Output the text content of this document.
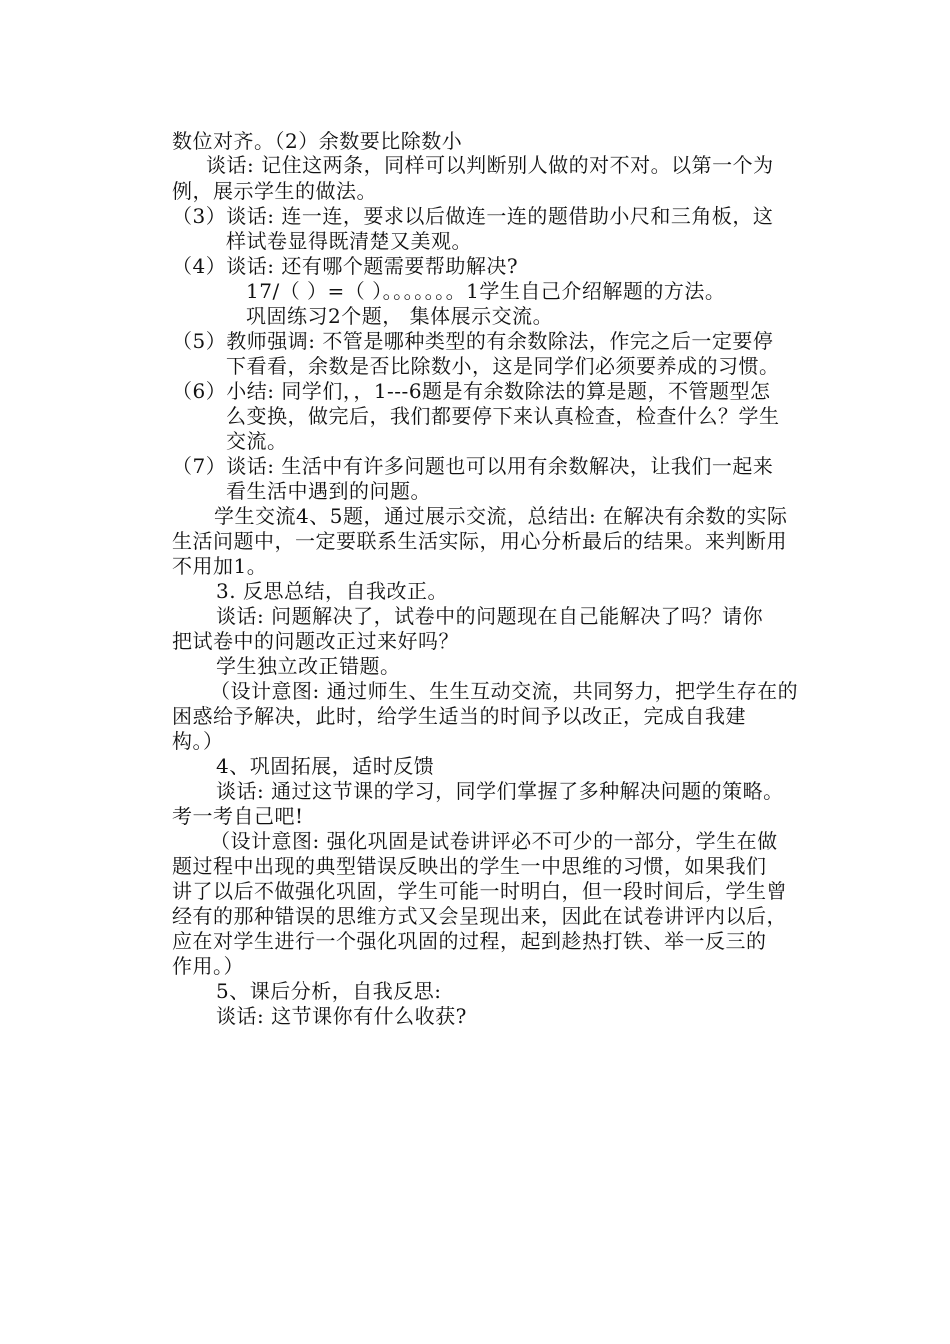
数位对齐。（2）余数要比除数小
谈话: 记住这两条，同样可以判断别人做的对不对。以第一个为
例，展示学生的做法。
（3）谈话: 连一连，要求以后做连一连的题借助小尺和三角板，这
样试卷显得既清楚又美观。
（4）谈话: 还有哪个题需要帮助解决?
17/（ ）=（ ）。。。。。。。1学生自己介绍解题的方法。
巩固练习2个题， 集体展示交流。
（5）教师强调: 不管是哪种类型的有余数除法，作完之后一定要停
下看看，余数是否比除数小，这是同学们必须要养成的习惯。
（6）小结: 同学们，，1---6题是有余数除法的算是题，不管题型怎
么变换，做完后，我们都要停下来认真检查，检查什么？学生
交流。
（7）谈话: 生活中有许多问题也可以用有余数解决，让我们一起来
看生活中遇到的问题。
学生交流4、5题，通过展示交流，总结出: 在解决有余数的实际
生活问题中，一定要联系生活实际，用心分析最后的结果。来判断用
不用加1。
3. 反思总结，自我改正。
谈话: 问题解决了，试卷中的问题现在自己能解决了吗？请你
把试卷中的问题改正过来好吗？
学生独立改正错题。
（设计意图: 通过师生、生生互动交流，共同努力，把学生存在的
困惑给予解决，此时，给学生适当的时间予以改正，完成自我建
构。）
4、巩固拓展，适时反馈
谈话: 通过这节课的学习，同学们掌握了多种解决问题的策略。
考一考自己吧!
（设计意图: 强化巩固是试卷讲评必不可少的一部分，学生在做
题过程中出现的典型错误反映出的学生一中思维的习惯，如果我们
讲了以后不做强化巩固，学生可能一时明白，但一段时间后，学生曾
经有的那种错误的思维方式又会呈现出来，因此在试卷讲评内以后，
应在对学生进行一个强化巩固的过程，起到趁热打铁、举一反三的
作用。）
5、课后分析，自我反思:
谈话: 这节课你有什么收获?
